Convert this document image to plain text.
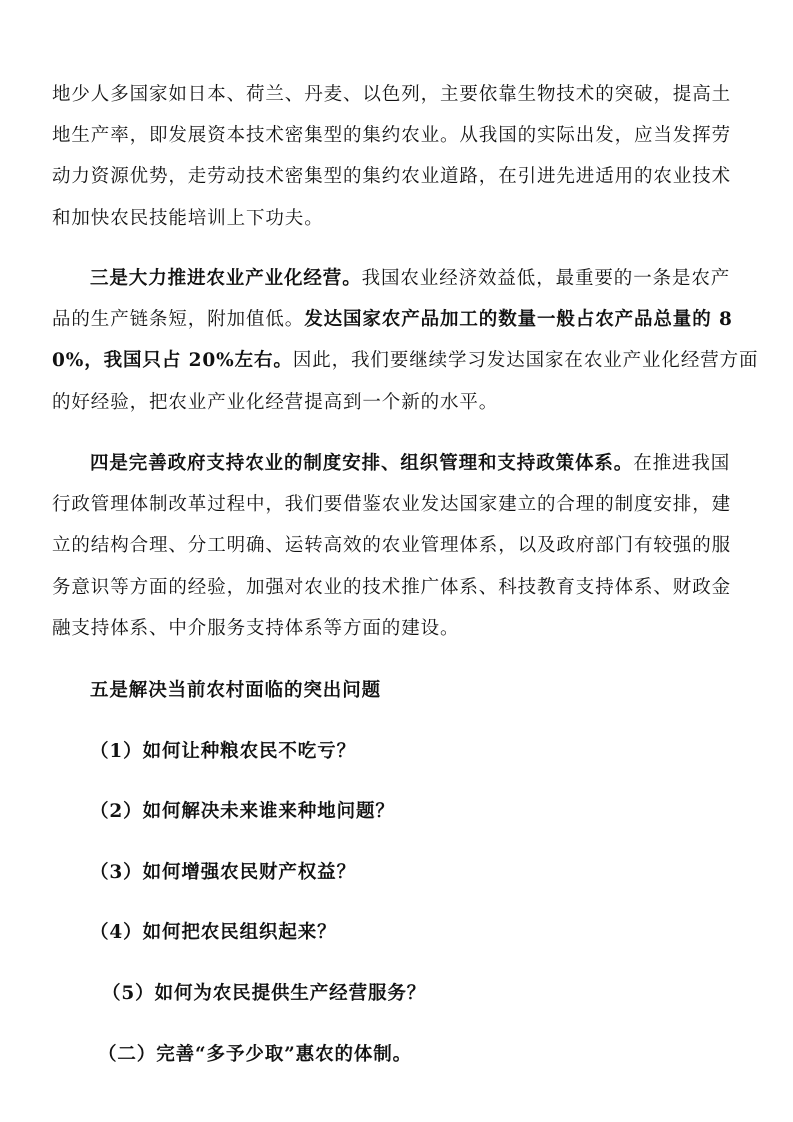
地少人多国家如日本、荷兰、丹麦、以色列，主要依靠生物技术的突破，提高土
地生产率，即发展资本技术密集型的集约农业。从我国的实际出发，应当发挥劳
动力资源优势，走劳动技术密集型的集约农业道路，在引进先进适用的农业技术
和加快农民技能培训上下功夫。
三是大力推进农业产业化经营。我国农业经济效益低，最重要的一条是农产
品的生产链条短，附加值低。发达国家农产品加工的数量一般占农产品总量的 8
0%，我国只占 20%左右。因此，我们要继续学习发达国家在农业产业化经营方面
的好经验，把农业产业化经营提高到一个新的水平。
四是完善政府支持农业的制度安排、组织管理和支持政策体系。在推进我国
行政管理体制改革过程中，我们要借鉴农业发达国家建立的合理的制度安排，建
立的结构合理、分工明确、运转高效的农业管理体系，以及政府部门有较强的服
务意识等方面的经验，加强对农业的技术推广体系、科技教育支持体系、财政金
融支持体系、中介服务支持体系等方面的建设。
五是解决当前农村面临的突出问题
（1）如何让种粮农民不吃亏？
（2）如何解决未来谁来种地问题？
（3）如何增强农民财产权益？
（4）如何把农民组织起来？
（5）如何为农民提供生产经营服务？
（二）完善“多予少取”惠农的体制。
